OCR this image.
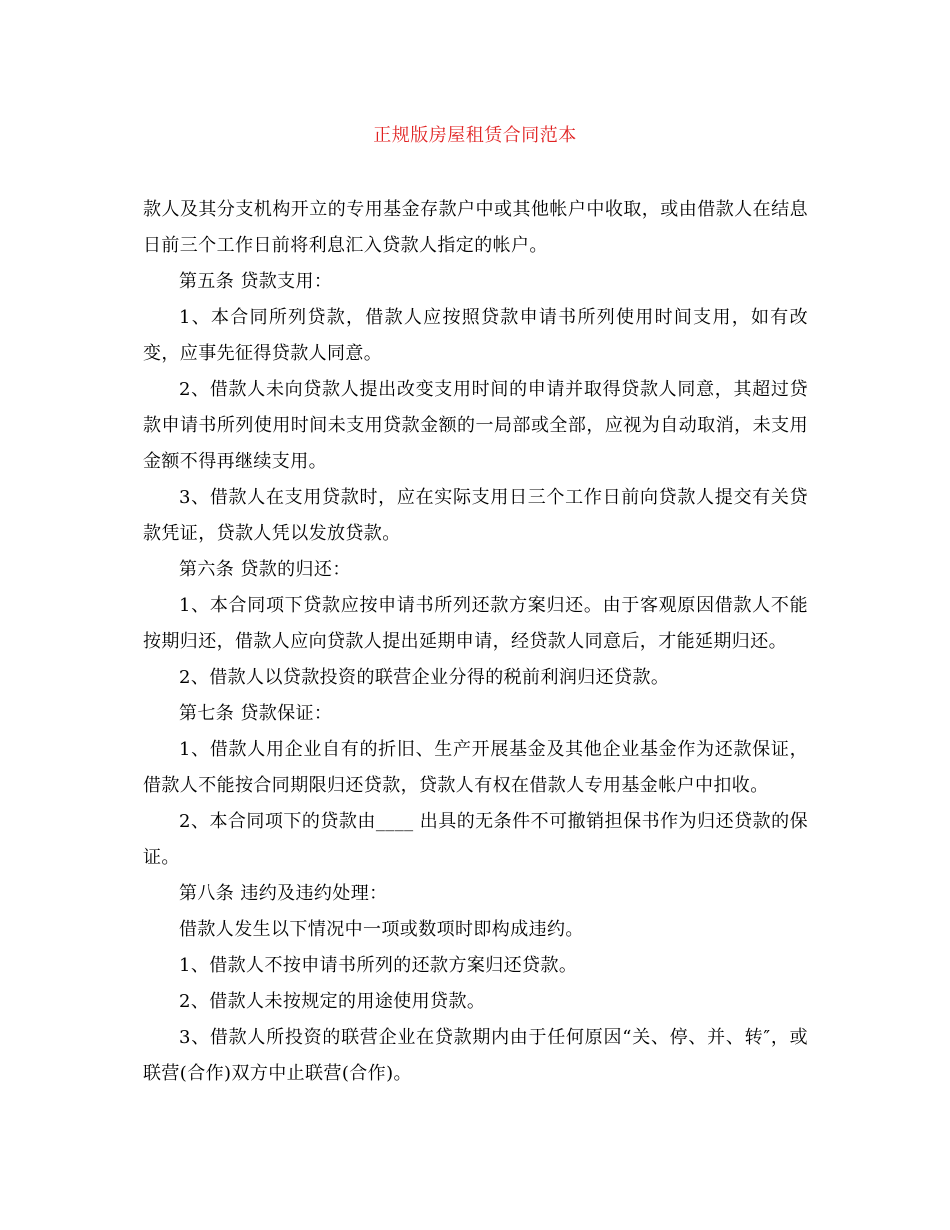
正规版房屋租赁合同范本

款人及其分支机构开立的专用基金存款户中或其他帐户中收取，或由借款人在结息日前三个工作日前将利息汇入贷款人指定的帐户。

第五条 贷款支用：

1、本合同所列贷款，借款人应按照贷款申请书所列使用时间支用，如有改变，应事先征得贷款人同意。

2、借款人未向贷款人提出改变支用时间的申请并取得贷款人同意，其超过贷款申请书所列使用时间未支用贷款金额的一局部或全部，应视为自动取消，未支用金额不得再继续支用。

3、借款人在支用贷款时，应在实际支用日三个工作日前向贷款人提交有关贷款凭证，贷款人凭以发放贷款。

第六条 贷款的归还：

1、本合同项下贷款应按申请书所列还款方案归还。由于客观原因借款人不能按期归还，借款人应向贷款人提出延期申请，经贷款人同意后，才能延期归还。

2、借款人以贷款投资的联营企业分得的税前利润归还贷款。

第七条 贷款保证：

1、借款人用企业自有的折旧、生产开展基金及其他企业基金作为还款保证，借款人不能按合同期限归还贷款，贷款人有权在借款人专用基金帐户中扣收。

2、本合同项下的贷款由____ 出具的无条件不可撤销担保书作为归还贷款的保证。

第八条 违约及违约处理：

借款人发生以下情况中一项或数项时即构成违约。

1、借款人不按申请书所列的还款方案归还贷款。

2、借款人未按规定的用途使用贷款。

3、借款人所投资的联营企业在贷款期内由于任何原因“关、停、并、转″，或联营(合作)双方中止联营(合作)。
